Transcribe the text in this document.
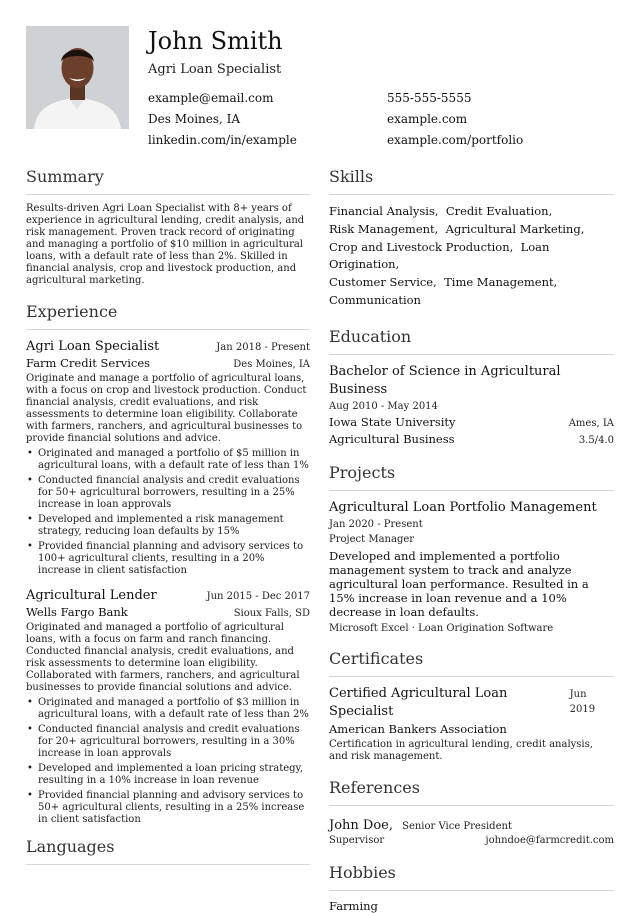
John Smith
Agri Loan Specialist
example@email.com	555-555-5555
Des Moines, IA	example.com
linkedin.com/in/example	example.com/portfolio
Summary
Results-driven Agri Loan Specialist with 8+ years of experience in agricultural lending, credit analysis, and risk management. Proven track record of originating and managing a portfolio of $10 million in agricultural loans, with a default rate of less than 2%. Skilled in financial analysis, crop and livestock production, and agricultural marketing.
Experience
Agri Loan Specialist	Jan 2018 - Present
Farm Credit Services	Des Moines, IA
Originate and manage a portfolio of agricultural loans, with a focus on crop and livestock production. Conduct financial analysis, credit evaluations, and risk assessments to determine loan eligibility. Collaborate with farmers, ranchers, and agricultural businesses to provide financial solutions and advice.
• Originated and managed a portfolio of $5 million in agricultural loans, with a default rate of less than 1%
• Conducted financial analysis and credit evaluations for 50+ agricultural borrowers, resulting in a 25% increase in loan approvals
• Developed and implemented a risk management strategy, reducing loan defaults by 15%
• Provided financial planning and advisory services to 100+ agricultural clients, resulting in a 20% increase in client satisfaction
Agricultural Lender	Jun 2015 - Dec 2017
Wells Fargo Bank	Sioux Falls, SD
Originated and managed a portfolio of agricultural loans, with a focus on farm and ranch financing. Conducted financial analysis, credit evaluations, and risk assessments to determine loan eligibility. Collaborated with farmers, ranchers, and agricultural businesses to provide financial solutions and advice.
• Originated and managed a portfolio of $3 million in agricultural loans, with a default rate of less than 2%
• Conducted financial analysis and credit evaluations for 20+ agricultural borrowers, resulting in a 30% increase in loan approvals
• Developed and implemented a loan pricing strategy, resulting in a 10% increase in loan revenue
• Provided financial planning and advisory services to 50+ agricultural clients, resulting in a 25% increase in client satisfaction
Languages
Skills
Financial Analysis, Credit Evaluation,
Risk Management, Agricultural Marketing,
Crop and Livestock Production, Loan Origination,
Customer Service, Time Management,
Communication
Education
Bachelor of Science in Agricultural Business
Aug 2010 - May 2014
Iowa State University	Ames, IA
Agricultural Business	3.5/4.0
Projects
Agricultural Loan Portfolio Management
Jan 2020 - Present
Project Manager
Developed and implemented a portfolio management system to track and analyze agricultural loan performance. Resulted in a 15% increase in loan revenue and a 10% decrease in loan defaults.
Microsoft Excel · Loan Origination Software
Certificates
Certified Agricultural Loan Specialist
Jun 2019
American Bankers Association
Certification in agricultural lending, credit analysis, and risk management.
References
John Doe, Senior Vice President
Supervisor	johndoe@farmcredit.com
Hobbies
Farming
